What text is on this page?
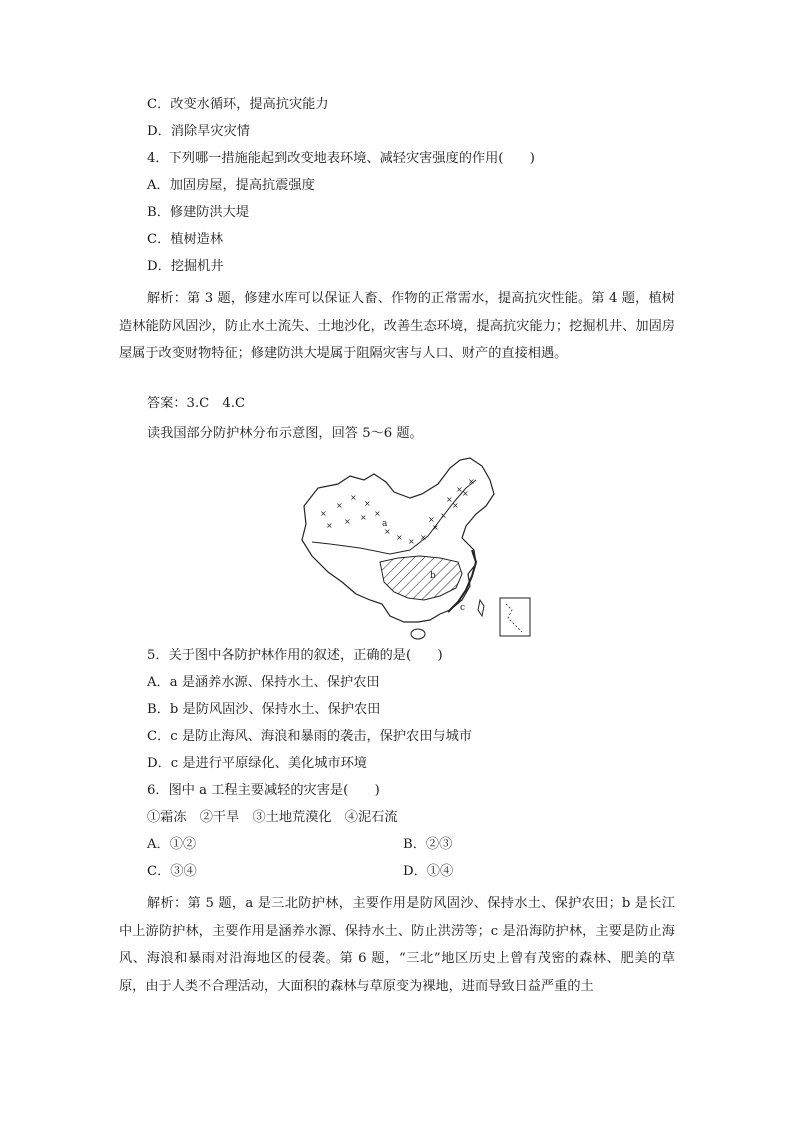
C．改变水循环，提高抗灾能力
D．消除旱灾灾情
4．下列哪一措施能起到改变地表环境、减轻灾害强度的作用(　　)
A．加固房屋，提高抗震强度
B．修建防洪大堤
C．植树造林
D．挖掘机井
解析：第 3 题，修建水库可以保证人畜、作物的正常需水，提高抗灾性能。第 4 题，植树造林能防风固沙，防止水土流失、土地沙化，改善生态环境，提高抗灾能力；挖掘机井、加固房屋属于改变财物特征；修建防洪大堤属于阻隔灾害与人口、财产的直接相遇。
答案：3.C　4.C
读我国部分防护林分布示意图，回答 5～6 题。
×
×
×
×
× × × ×
×
× × ×
×
×
×
×
×
×
×
×
a
b
c
5．关于图中各防护林作用的叙述，正确的是(　　)
A．a 是涵养水源、保持水土、保护农田
B．b 是防风固沙、保持水土、保护农田
C．c 是防止海风、海浪和暴雨的袭击，保护农田与城市
D．c 是进行平原绿化、美化城市环境
6．图中 a 工程主要减轻的灾害是(　　)
①霜冻　②干旱　③土地荒漠化　④泥石流
A．①②	B．②③
C．③④	D．①④
解析：第 5 题，a 是三北防护林，主要作用是防风固沙、保持水土、保护农田；b 是长江中上游防护林，主要作用是涵养水源、保持水土、防止洪涝等；c 是沿海防护林，主要是防止海风、海浪和暴雨对沿海地区的侵袭。第 6 题，“三北”地区历史上曾有茂密的森林、肥美的草原，由于人类不合理活动，大面积的森林与草原变为裸地，进而导致日益严重的土
